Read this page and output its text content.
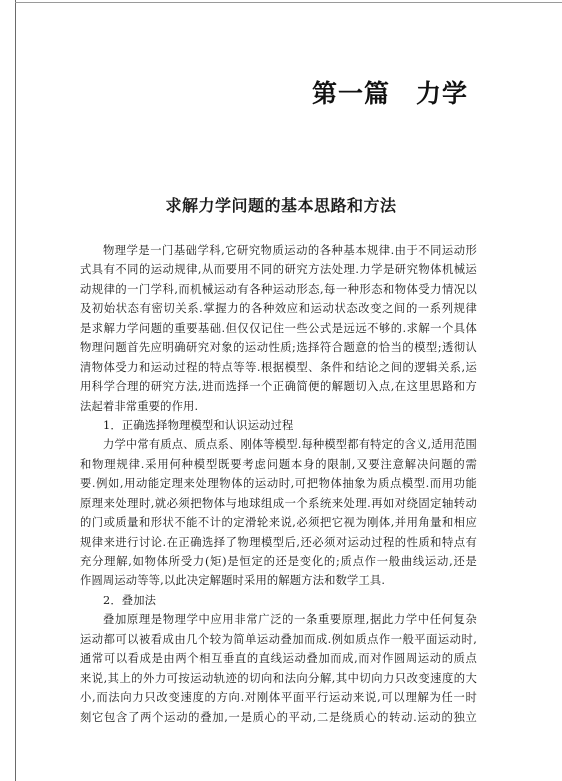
第一篇　力学
求解力学问题的基本思路和方法
物理学是一门基础学科,它研究物质运动的各种基本规律.由于不同运动形
式具有不同的运动规律,从而要用不同的研究方法处理.力学是研究物体机械运
动规律的一门学科,而机械运动有各种运动形态,每一种形态和物体受力情况以
及初始状态有密切关系.掌握力的各种效应和运动状态改变之间的一系列规律
是求解力学问题的重要基础.但仅仅记住一些公式是远远不够的.求解一个具体
物理问题首先应明确研究对象的运动性质;选择符合题意的恰当的模型;透彻认
清物体受力和运动过程的特点等等.根据模型、条件和结论之间的逻辑关系,运
用科学合理的研究方法,进而选择一个正确简便的解题切入点,在这里思路和方
法起着非常重要的作用.
1．正确选择物理模型和认识运动过程
力学中常有质点、质点系、刚体等模型.每种模型都有特定的含义,适用范围
和物理规律.采用何种模型既要考虑问题本身的限制,又要注意解决问题的需
要.例如,用动能定理来处理物体的运动时,可把物体抽象为质点模型.而用功能
原理来处理时,就必须把物体与地球组成一个系统来处理.再如对绕固定轴转动
的门或质量和形状不能不计的定滑轮来说,必须把它视为刚体,并用角量和相应
规律来进行讨论.在正确选择了物理模型后,还必须对运动过程的性质和特点有
充分理解,如物体所受力(矩)是恒定的还是变化的;质点作一般曲线运动,还是
作圆周运动等等,以此决定解题时采用的解题方法和数学工具.
2．叠加法
叠加原理是物理学中应用非常广泛的一条重要原理,据此力学中任何复杂
运动都可以被看成由几个较为简单运动叠加而成.例如质点作一般平面运动时,
通常可以看成是由两个相互垂直的直线运动叠加而成,而对作圆周运动的质点
来说,其上的外力可按运动轨迹的切向和法向分解,其中切向力只改变速度的大
小,而法向力只改变速度的方向.对刚体平面平行运动来说,可以理解为任一时
刻它包含了两个运动的叠加,一是质心的平动,二是绕质心的转动.运动的独立
